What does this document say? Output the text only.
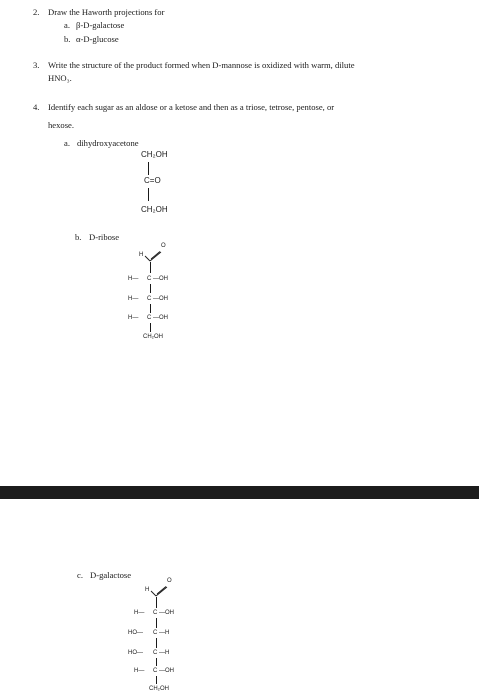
2. Draw the Haworth projections for
a. β-D-galactose
b. α-D-glucose
3. Write the structure of the product formed when D-mannose is oxidized with warm, dilute
HNO₃.
4. Identify each sugar as an aldose or a ketose and then as a triose, tetrose, pentose, or
hexose.
a. dihydroxyacetone
CH₂OH
C=O
CH₂OH
b. D-ribose
H
O
H— C —OH
H— C —OH
H— C —OH
CH₂OH
c. D-galactose
H
O
H— C —OH
HO— C —H
HO— C —H
H— C —OH
CH₂OH
